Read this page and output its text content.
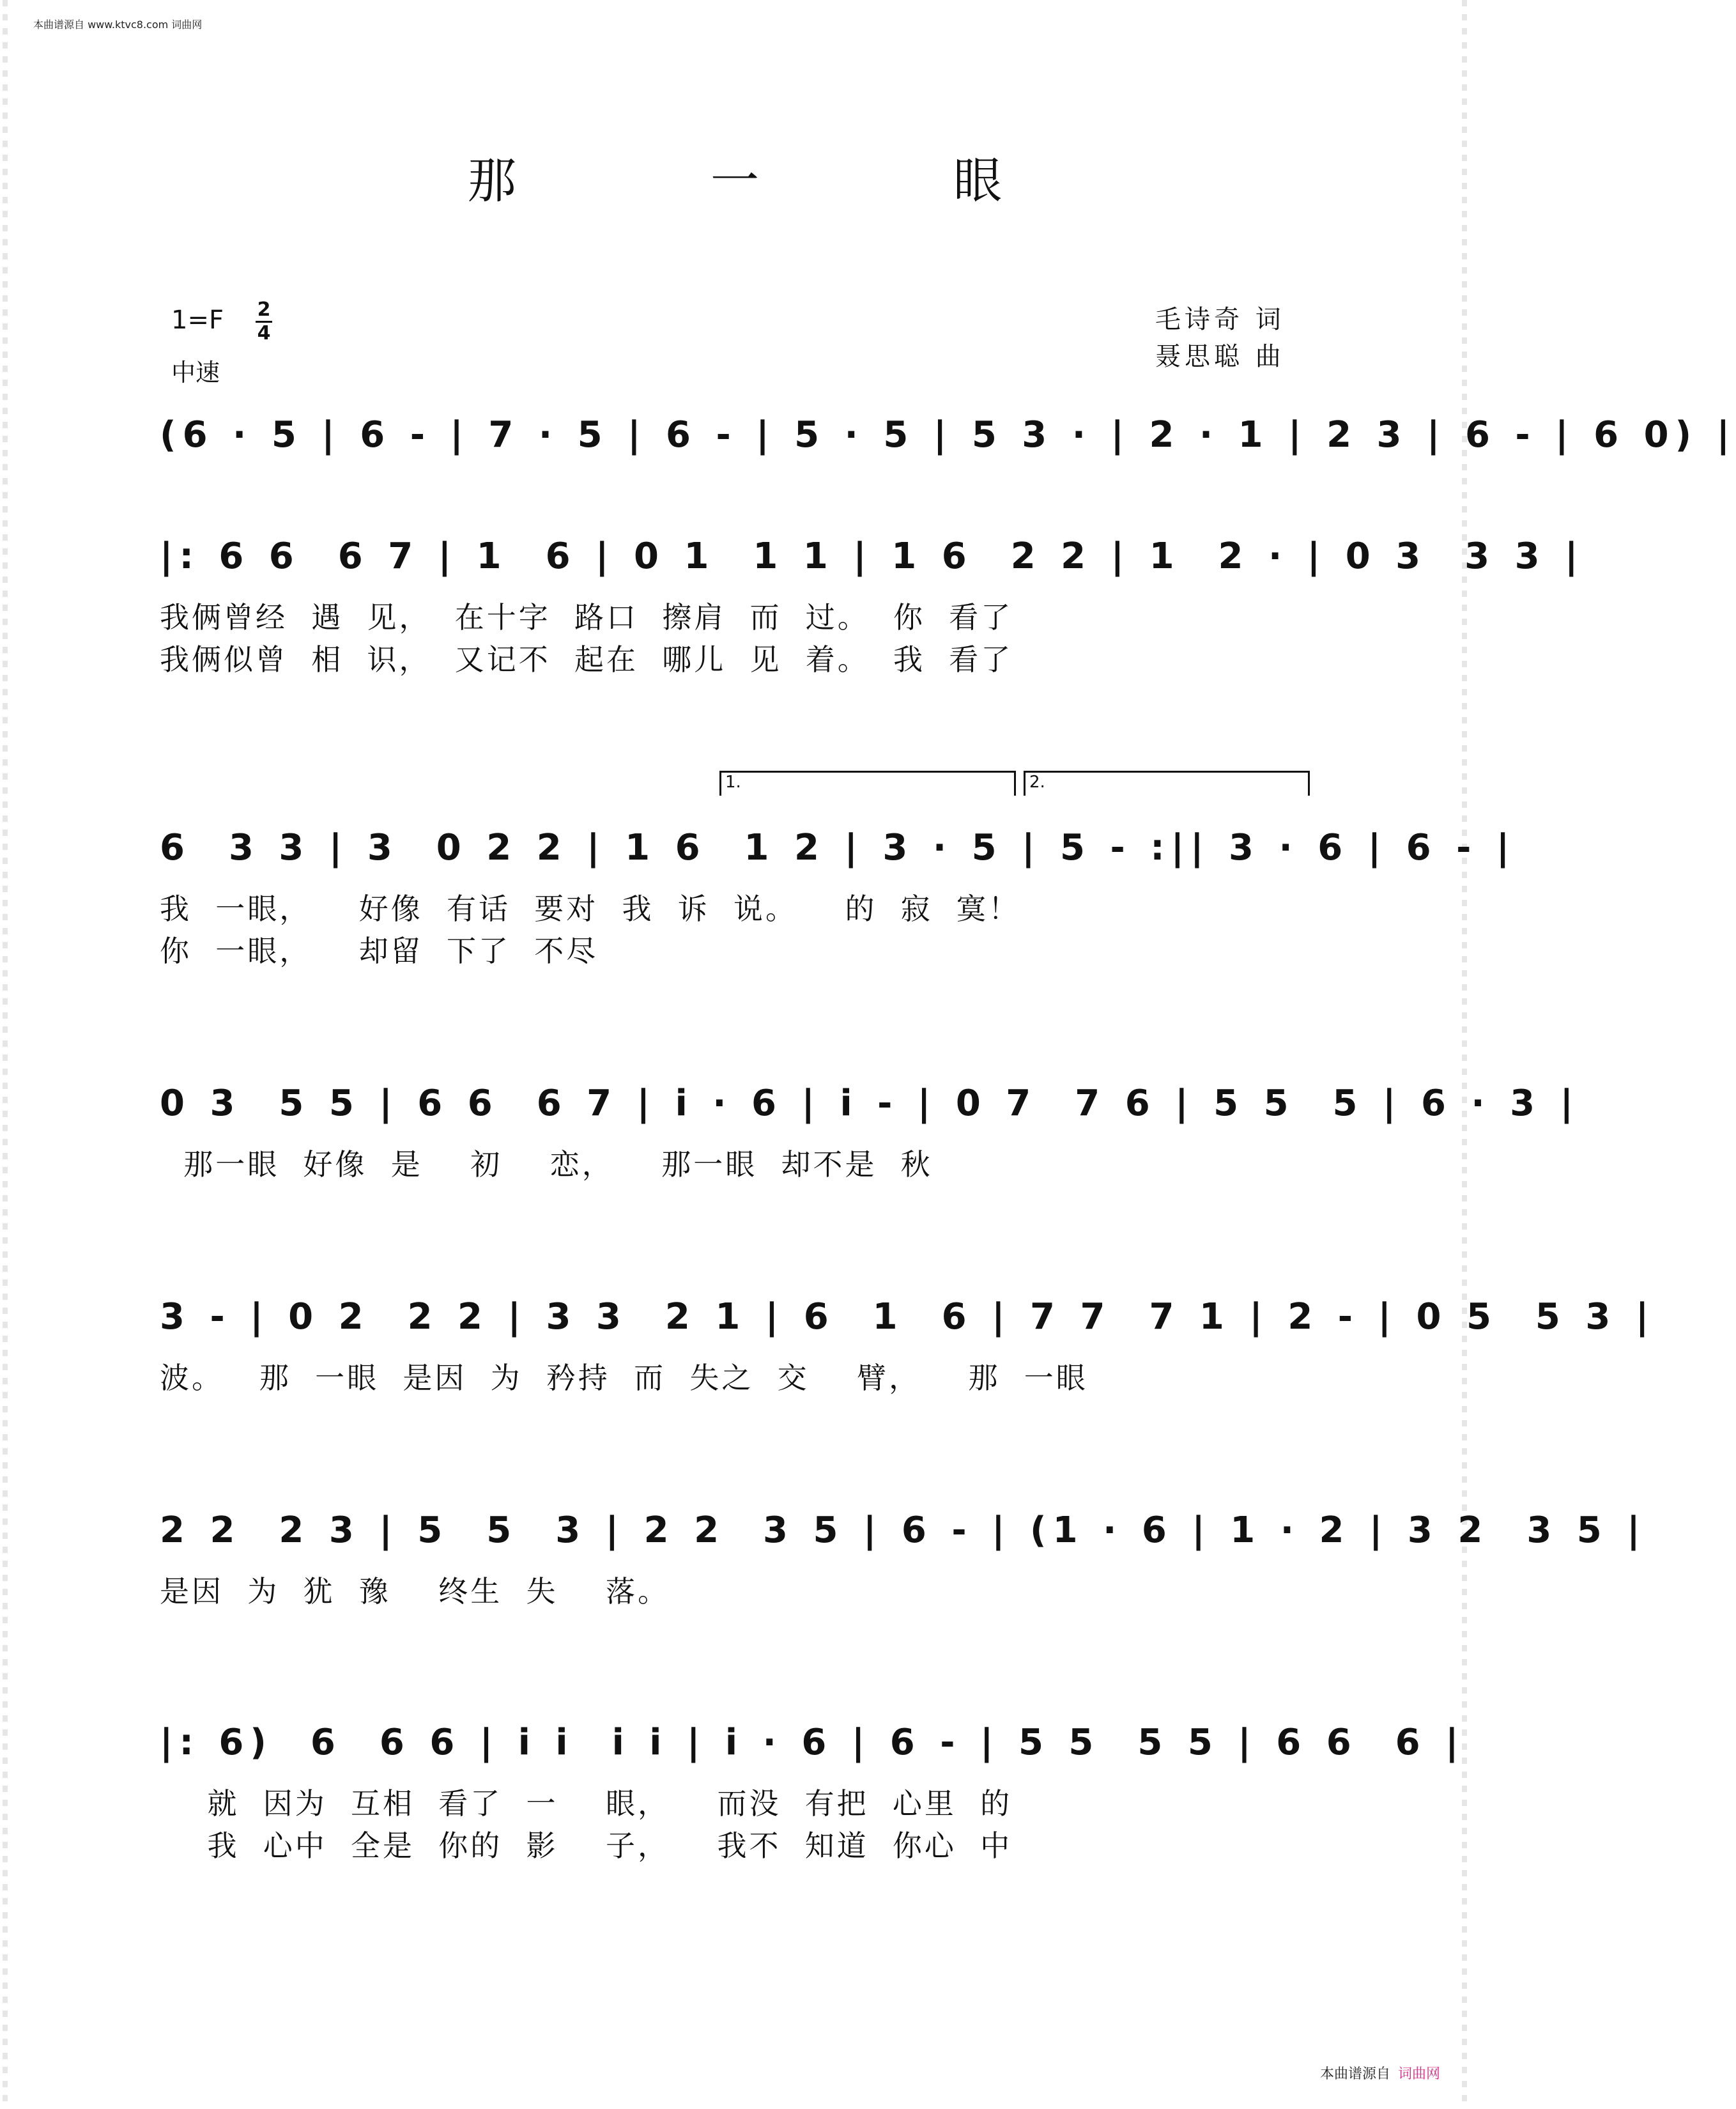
本曲谱源自 www.ktvc8.com 词曲网
那 一 眼
1=F 2
4
中速
毛诗奇 词
聂思聪 曲
(6 · 5 | 6 - | 7 · 5 | 6 - | 5 · 5 | 5 3 · | 2 · 1 | 2 3 | 6 - | 6 0) |
|: 6 6  6 7 | 1  6 | 0 1  1 1 | 1 6  2 2 | 1  2 · | 0 3  3 3 |
我俩曾经  遇  见，  在十字  路口  擦肩  而  过。  你  看了
我俩似曾  相  识，  又记不  起在  哪儿  见  着。  我  看了
1.	2.
6  3 3 | 3  0 2 2 | 1 6  1 2 | 3 · 5 | 5 - :|| 3 · 6 | 6 - |
我  一眼，    好像  有话  要对  我  诉  说。    的  寂  寞！
你  一眼，    却留  下了  不尽
0 3  5 5 | 6 6  6 7 | i · 6 | i - | 0 7  7 6 | 5 5  5 | 6 · 3 |
那一眼  好像  是    初    恋，    那一眼  却不是  秋
3 - | 0 2  2 2 | 3 3  2 1 | 6  1  6 | 7 7  7 1 | 2 - | 0 5  5 3 |
波。   那  一眼  是因  为  矜持  而  失之  交    臂，    那  一眼
2 2  2 3 | 5  5  3 | 2 2  3 5 | 6 - | (1 · 6 | 1 · 2 | 3 2  3 5 |
是因  为  犹  豫    终生  失    落。
|: 6)  6  6 6 | i i  i i | i · 6 | 6 - | 5 5  5 5 | 6 6  6 |
就  因为  互相  看了  一    眼，    而没  有把  心里  的
我  心中  全是  你的  影    子，    我不  知道  你心  中
本曲谱源自 词曲网
